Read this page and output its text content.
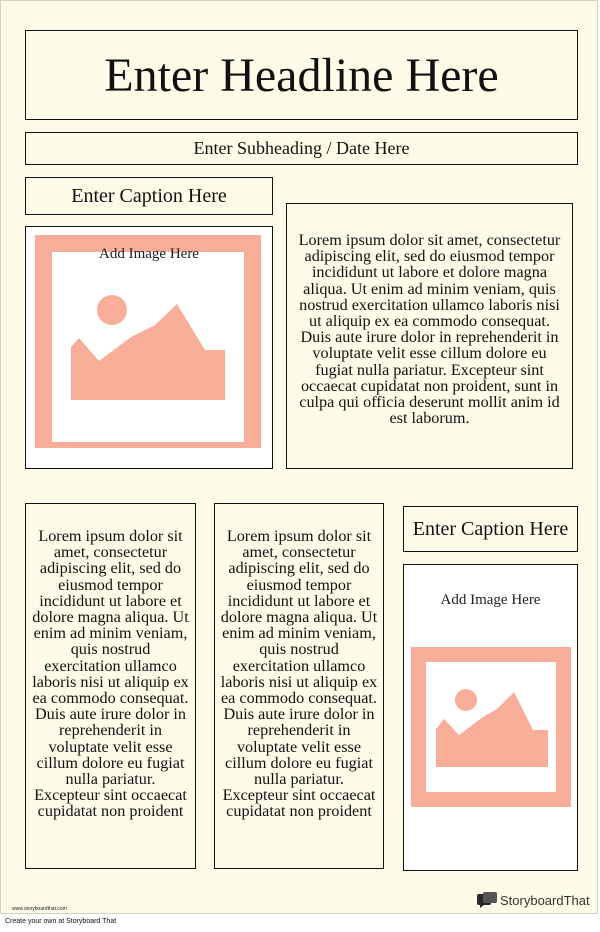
Enter Headline Here
Enter Subheading / Date Here
Enter Caption Here
Add Image Here
Lorem ipsum dolor sit amet, consectetur adipiscing elit, sed do eiusmod tempor incididunt ut labore et dolore magna aliqua. Ut enim ad minim veniam, quis nostrud exercitation ullamco laboris nisi ut aliquip ex ea commodo consequat. Duis aute irure dolor in reprehenderit in voluptate velit esse cillum dolore eu fugiat nulla pariatur. Excepteur sint occaecat cupidatat non proident, sunt in culpa qui officia deserunt mollit anim id est laborum.
Lorem ipsum dolor sit amet, consectetur adipiscing elit, sed do eiusmod tempor incididunt ut labore et dolore magna aliqua. Ut enim ad minim veniam, quis nostrud exercitation ullamco laboris nisi ut aliquip ex ea commodo consequat. Duis aute irure dolor in reprehenderit in voluptate velit esse cillum dolore eu fugiat nulla pariatur. Excepteur sint occaecat cupidatat non proident
Lorem ipsum dolor sit amet, consectetur adipiscing elit, sed do eiusmod tempor incididunt ut labore et dolore magna aliqua. Ut enim ad minim veniam, quis nostrud exercitation ullamco laboris nisi ut aliquip ex ea commodo consequat. Duis aute irure dolor in reprehenderit in voluptate velit esse cillum dolore eu fugiat nulla pariatur. Excepteur sint occaecat cupidatat non proident
Enter Caption Here
Add Image Here
www.storyboardthat.com
StoryboardThat
Create your own at Storyboard That
